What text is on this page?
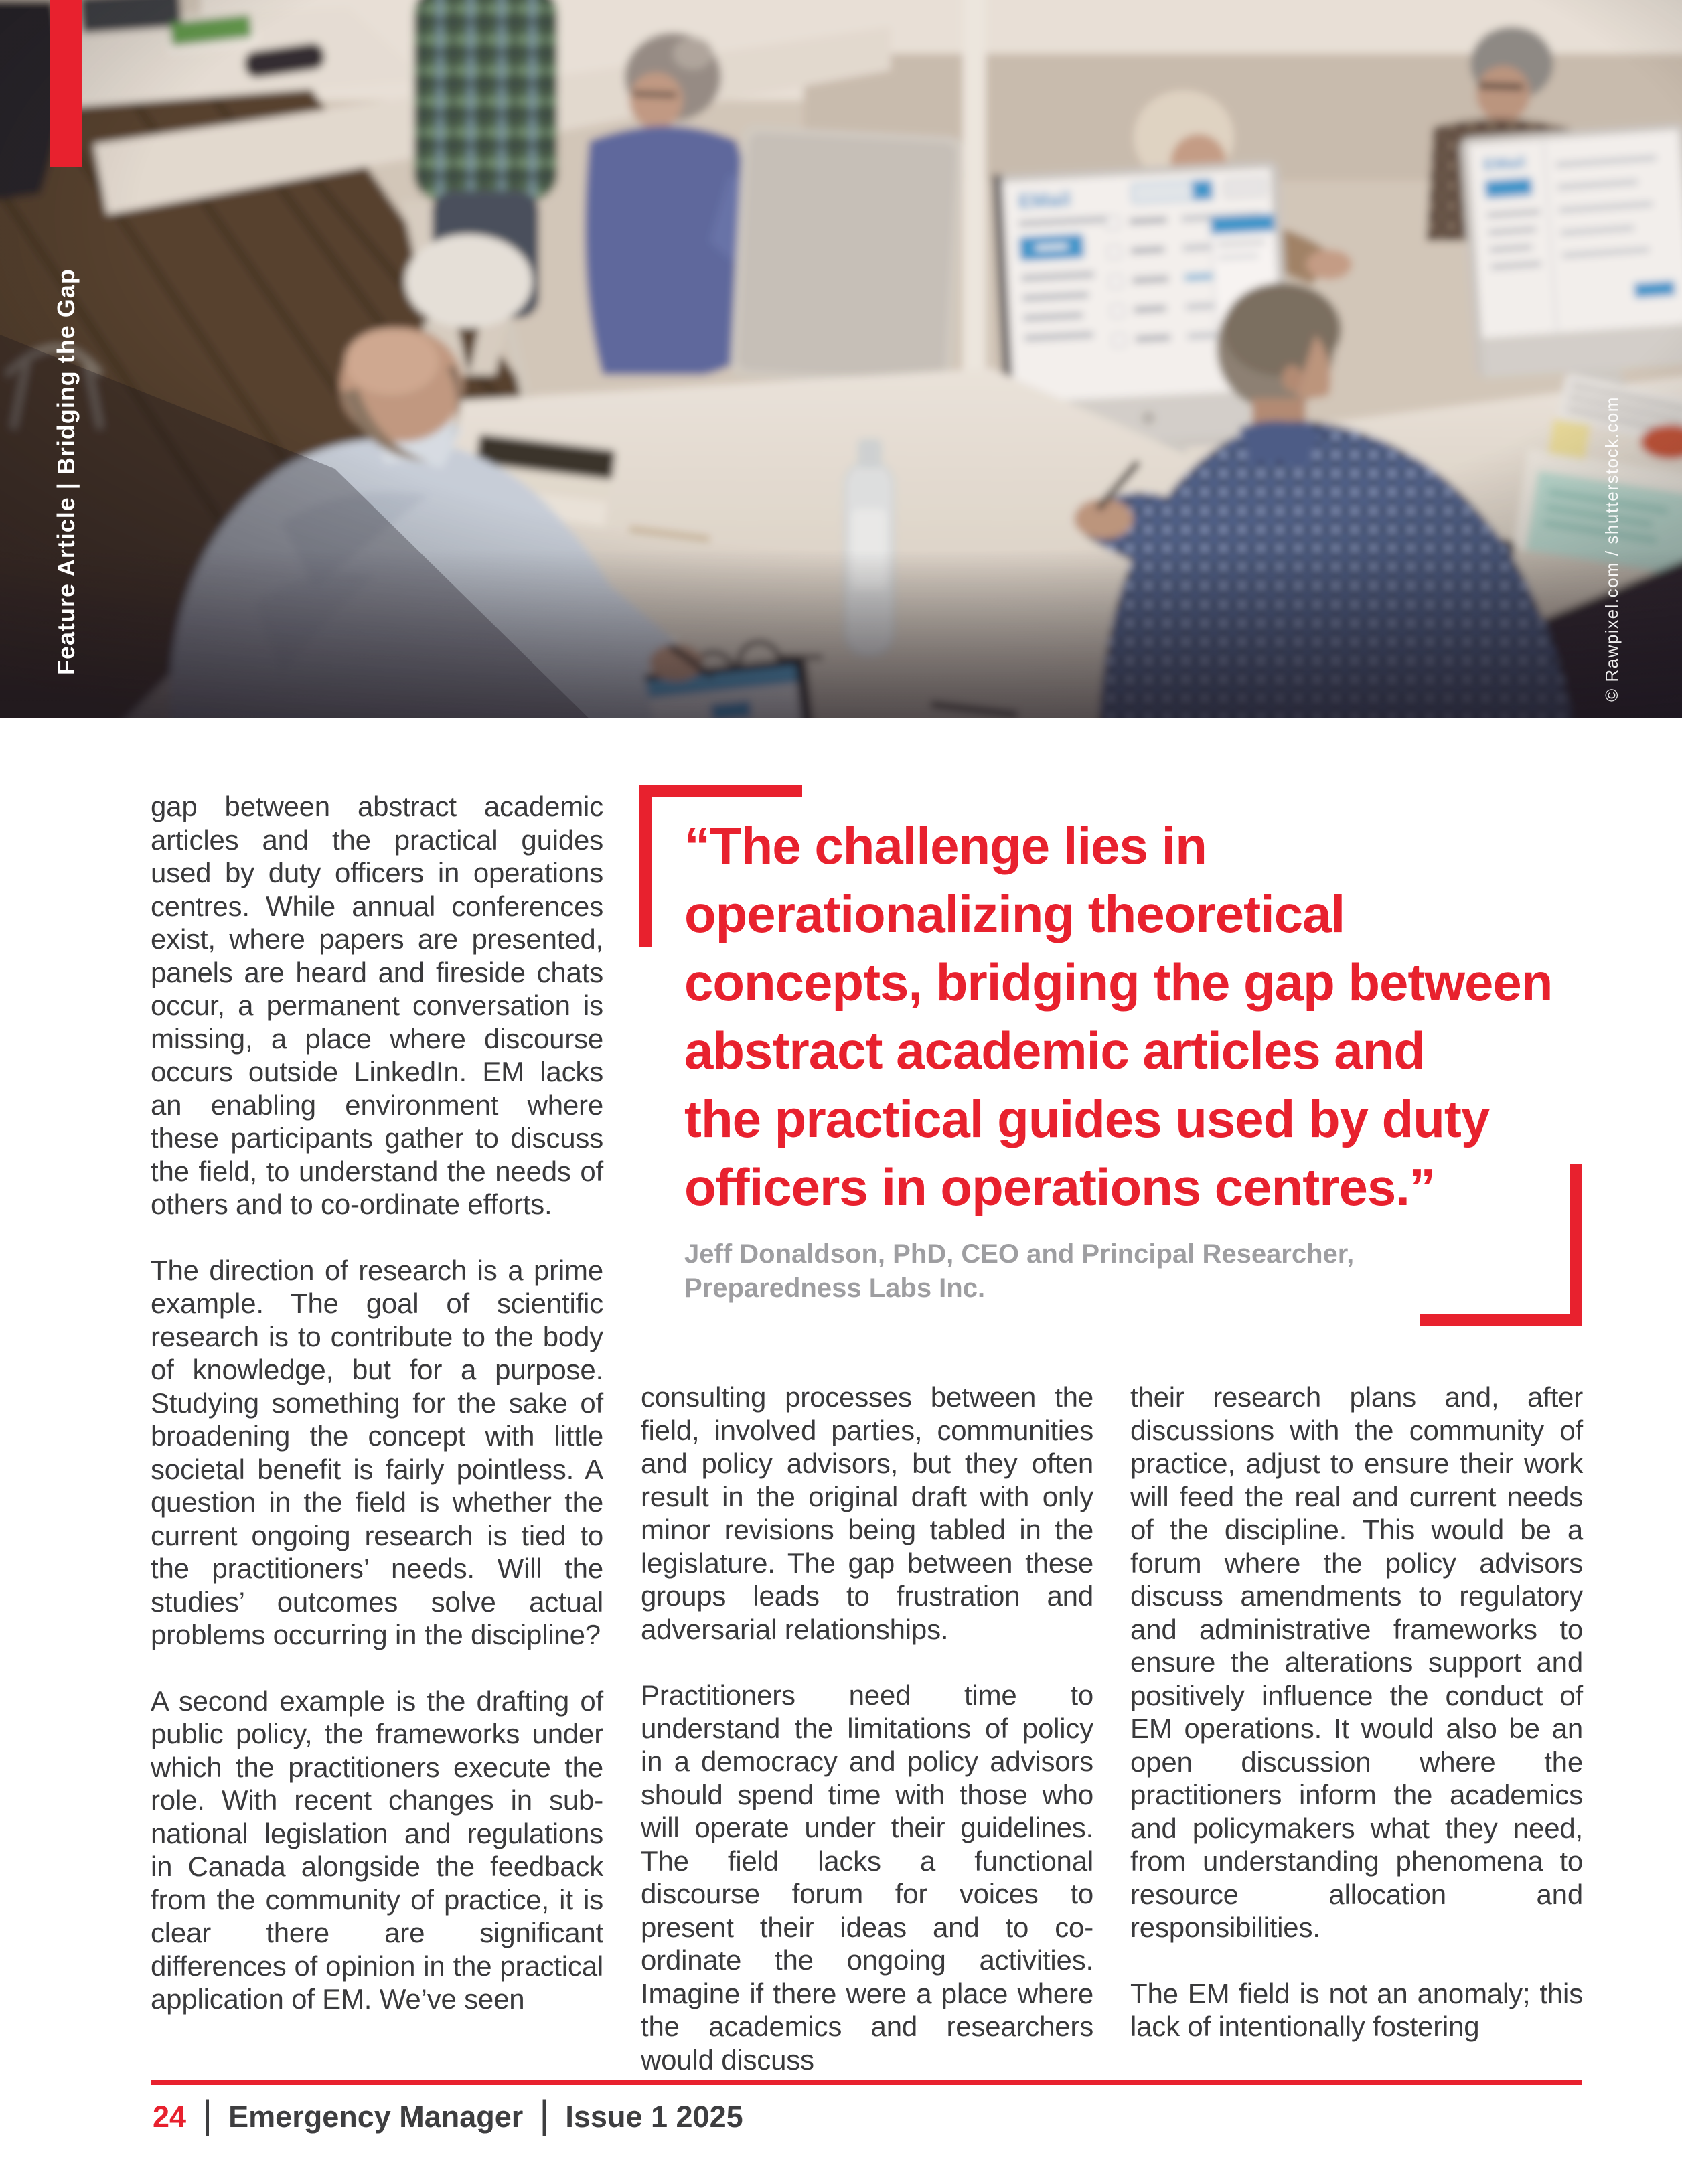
Feature Article | Bridging the Gap	© Rawpixel.com / shutterstock.com
“The challenge lies in
operationalizing theoretical
concepts, bridging the gap between
abstract academic articles and
the practical guides used by duty
officers in operations centres.”
Jeff Donaldson, PhD, CEO and Principal Researcher,
Preparedness Labs Inc.

gap between abstract academic articles and the practical guides used by duty officers in operations centres. While annual conferences exist, where papers are presented, panels are heard and fireside chats occur, a permanent conversation is missing, a place where discourse occurs outside LinkedIn. EM lacks an enabling environment where these participants gather to discuss the field, to understand the needs of others and to co-ordinate efforts.

The direction of research is a prime example. The goal of scientific research is to contribute to the body of knowledge, but for a purpose. Studying something for the sake of broadening the concept with little societal benefit is fairly pointless. A question in the field is whether the current ongoing research is tied to the practitioners’ needs. Will the studies’ outcomes solve actual problems occurring in the discipline?

A second example is the drafting of public policy, the frameworks under which the practitioners execute the role. With recent changes in sub-national legislation and regulations in Canada alongside the feedback from the community of practice, it is clear there are significant differences of opinion in the practical application of EM. We’ve seen

consulting processes between the field, involved parties, communities and policy advisors, but they often result in the original draft with only minor revisions being tabled in the legislature. The gap between these groups leads to frustration and adversarial relationships.

Practitioners need time to understand the limitations of policy in a democracy and policy advisors should spend time with those who will operate under their guidelines. The field lacks a functional discourse forum for voices to present their ideas and to co-ordinate the ongoing activities. Imagine if there were a place where the academics and researchers would discuss

their research plans and, after discussions with the community of practice, adjust to ensure their work will feed the real and current needs of the discipline. This would be a forum where the policy advisors discuss amendments to regulatory and administrative frameworks to ensure the alterations support and positively influence the conduct of EM operations. It would also be an open discussion where the practitioners inform the academics and policymakers what they need, from understanding phenomena to resource allocation and responsibilities.

The EM field is not an anomaly; this lack of intentionally fostering

24 | Emergency Manager | Issue 1 2025
